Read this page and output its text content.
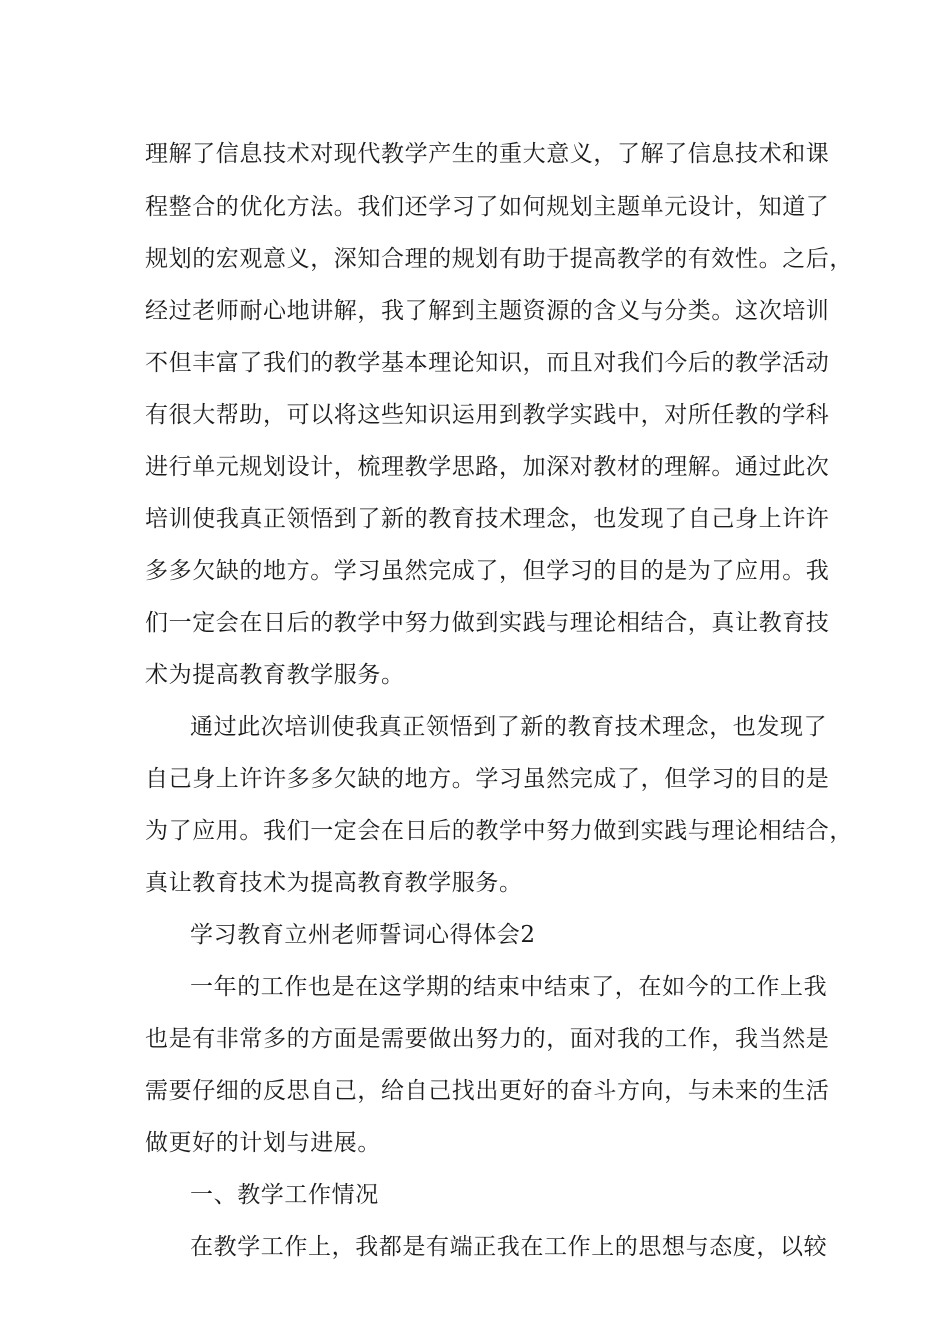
理解了信息技术对现代教学产生的重大意义，了解了信息技术和课
程整合的优化方法。我们还学习了如何规划主题单元设计，知道了
规划的宏观意义，深知合理的规划有助于提高教学的有效性。之后，
经过老师耐心地讲解，我了解到主题资源的含义与分类。这次培训
不但丰富了我们的教学基本理论知识，而且对我们今后的教学活动
有很大帮助，可以将这些知识运用到教学实践中，对所任教的学科
进行单元规划设计，梳理教学思路，加深对教材的理解。通过此次
培训使我真正领悟到了新的教育技术理念，也发现了自己身上许许
多多欠缺的地方。学习虽然完成了，但学习的目的是为了应用。我
们一定会在日后的教学中努力做到实践与理论相结合，真让教育技
术为提高教育教学服务。
通过此次培训使我真正领悟到了新的教育技术理念，也发现了
自己身上许许多多欠缺的地方。学习虽然完成了，但学习的目的是
为了应用。我们一定会在日后的教学中努力做到实践与理论相结合，
真让教育技术为提高教育教学服务。
学习教育立州老师誓词心得体会2
一年的工作也是在这学期的结束中结束了，在如今的工作上我
也是有非常多的方面是需要做出努力的，面对我的工作，我当然是
需要仔细的反思自己，给自己找出更好的奋斗方向，与未来的生活
做更好的计划与进展。
一、教学工作情况
在教学工作上，我都是有端正我在工作上的思想与态度，以较
